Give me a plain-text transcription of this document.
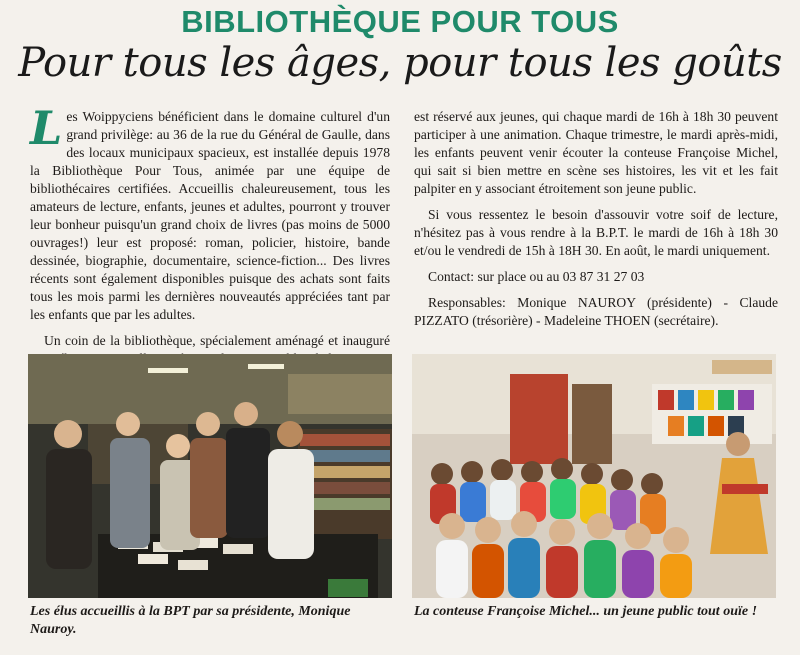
BIBLIOTHÈQUE POUR TOUS
Pour tous les âges, pour tous les goûts

Les Woippyciens bénéficient dans le domaine culturel d'un grand privilège: au 36 de la rue du Général de Gaulle, dans des locaux municipaux spacieux, est installée depuis 1978 la Bibliothèque Pour Tous, animée par une équipe de bibliothécaires certifiées. Accueillis chaleureusement, tous les amateurs de lecture, enfants, jeunes et adultes, pourront y trouver leur bonheur puisqu'un grand choix de livres (pas moins de 5000 ouvrages!) leur est proposé: roman, policier, histoire, bande dessinée, biographie, documentaire, science-fiction... Des livres récents sont également disponibles puisque des achats sont faits tous les mois parmi les dernières nouveautés appréciées tant par les enfants que par les adultes.

Un coin de la bibliothèque, spécialement aménagé et inauguré

est réservé aux jeunes, qui chaque mardi de 16h à 18h 30 peuvent participer à une animation. Chaque trimestre, le mardi après-midi, les enfants peuvent venir écouter la conteuse Françoise Michel, qui sait si bien mettre en scène ses histoires, les vit et les fait palpiter en y associant étroitement son jeune public.

Si vous ressentez le besoin d'assouvir votre soif de lecture, n'hésitez pas à vous rendre à la B.P.T. le mardi de 16h à 18h 30 et/ou le vendredi de 15h à 18H 30. En août, le mardi uniquement.

Contact: sur place ou au 03 87 31 27 03

Responsables: Monique NAUROY (présidente) - Claude PIZZATO (trésorière) - Madeleine THOEN (secrétaire).

Les élus accueillis à la BPT par sa présidente, Monique Nauroy.
La conteuse Françoise Michel... un jeune public tout ouïe !
